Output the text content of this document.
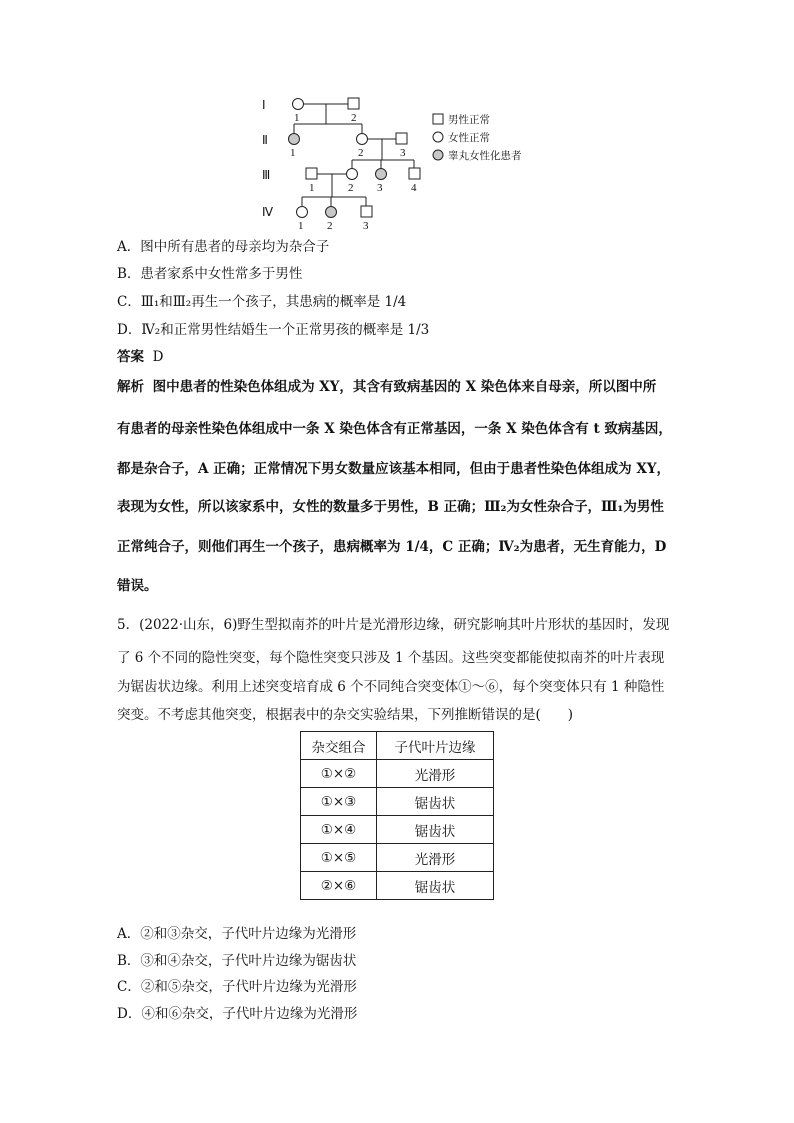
Ⅰ
Ⅱ
Ⅲ
Ⅳ
1	2
1	2	3
1	2 3	4
1 2	3
男性正常
女性正常
睾丸女性化患者
A．图中所有患者的母亲均为杂合子
B．患者家系中女性常多于男性
C．Ⅲ₁和Ⅲ₂再生一个孩子，其患病的概率是 1/4
D．Ⅳ₂和正常男性结婚生一个正常男孩的概率是 1/3
答案 D
解析 图中患者的性染色体组成为 XY，其含有致病基因的 X 染色体来自母亲，所以图中所
有患者的母亲性染色体组成中一条 X 染色体含有正常基因，一条 X 染色体含有 t 致病基因，
都是杂合子，A 正确；正常情况下男女数量应该基本相同，但由于患者性染色体组成为 XY，
表现为女性，所以该家系中，女性的数量多于男性，B 正确；Ⅲ₂为女性杂合子，Ⅲ₁为男性
正常纯合子，则他们再生一个孩子，患病概率为 1/4，C 正确；Ⅳ₂为患者，无生育能力，D
错误。
5．(2022·山东，6)野生型拟南芥的叶片是光滑形边缘，研究影响其叶片形状的基因时，发现
了 6 个不同的隐性突变，每个隐性突变只涉及 1 个基因。这些突变都能使拟南芥的叶片表现
为锯齿状边缘。利用上述突变培育成 6 个不同纯合突变体①～⑥，每个突变体只有 1 种隐性
突变。不考虑其他突变，根据表中的杂交实验结果，下列推断错误的是(　　)
杂交组合	子代叶片边缘
①×②	光滑形
①×③	锯齿状
①×④	锯齿状
①×⑤	光滑形
②×⑥	锯齿状
A．②和③杂交，子代叶片边缘为光滑形
B．③和④杂交，子代叶片边缘为锯齿状
C．②和⑤杂交，子代叶片边缘为光滑形
D．④和⑥杂交，子代叶片边缘为光滑形
